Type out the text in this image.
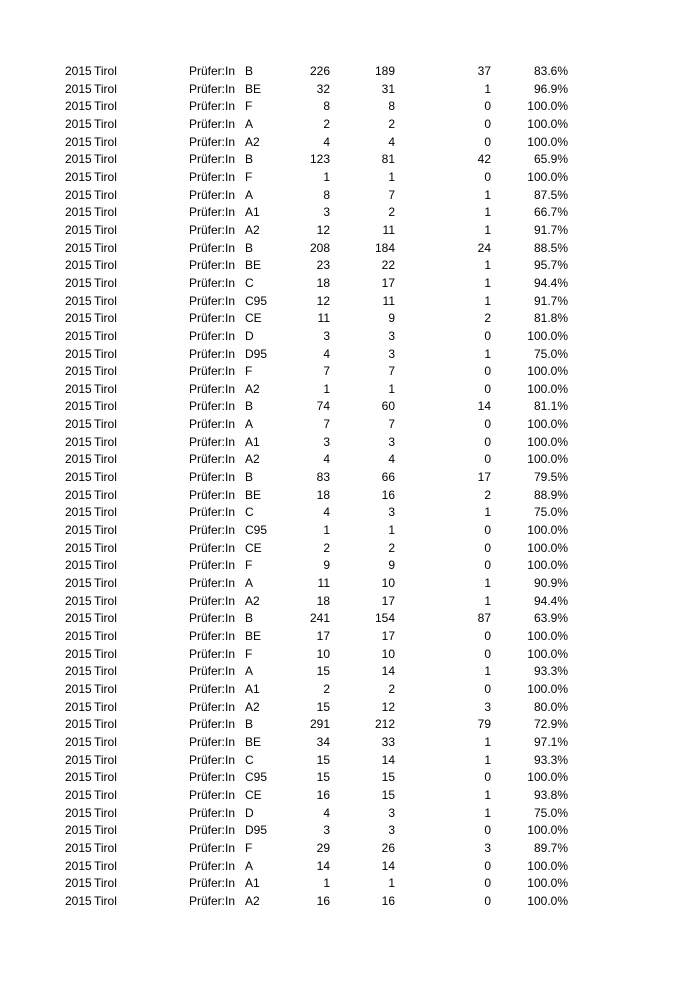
2015 Tirol	Prüfer:In B	226	189	37	83.6%
2015 Tirol	Prüfer:In BE	32	31	1	96.9%
2015 Tirol	Prüfer:In F	8	8	0	100.0%
2015 Tirol	Prüfer:In A	2	2	0	100.0%
2015 Tirol	Prüfer:In A2	4	4	0	100.0%
2015 Tirol	Prüfer:In B	123	81	42	65.9%
2015 Tirol	Prüfer:In F	1	1	0	100.0%
2015 Tirol	Prüfer:In A	8	7	1	87.5%
2015 Tirol	Prüfer:In A1	3	2	1	66.7%
2015 Tirol	Prüfer:In A2	12	11	1	91.7%
2015 Tirol	Prüfer:In B	208	184	24	88.5%
2015 Tirol	Prüfer:In BE	23	22	1	95.7%
2015 Tirol	Prüfer:In C	18	17	1	94.4%
2015 Tirol	Prüfer:In C95	12	11	1	91.7%
2015 Tirol	Prüfer:In CE	11	9	2	81.8%
2015 Tirol	Prüfer:In D	3	3	0	100.0%
2015 Tirol	Prüfer:In D95	4	3	1	75.0%
2015 Tirol	Prüfer:In F	7	7	0	100.0%
2015 Tirol	Prüfer:In A2	1	1	0	100.0%
2015 Tirol	Prüfer:In B	74	60	14	81.1%
2015 Tirol	Prüfer:In A	7	7	0	100.0%
2015 Tirol	Prüfer:In A1	3	3	0	100.0%
2015 Tirol	Prüfer:In A2	4	4	0	100.0%
2015 Tirol	Prüfer:In B	83	66	17	79.5%
2015 Tirol	Prüfer:In BE	18	16	2	88.9%
2015 Tirol	Prüfer:In C	4	3	1	75.0%
2015 Tirol	Prüfer:In C95	1	1	0	100.0%
2015 Tirol	Prüfer:In CE	2	2	0	100.0%
2015 Tirol	Prüfer:In F	9	9	0	100.0%
2015 Tirol	Prüfer:In A	11	10	1	90.9%
2015 Tirol	Prüfer:In A2	18	17	1	94.4%
2015 Tirol	Prüfer:In B	241	154	87	63.9%
2015 Tirol	Prüfer:In BE	17	17	0	100.0%
2015 Tirol	Prüfer:In F	10	10	0	100.0%
2015 Tirol	Prüfer:In A	15	14	1	93.3%
2015 Tirol	Prüfer:In A1	2	2	0	100.0%
2015 Tirol	Prüfer:In A2	15	12	3	80.0%
2015 Tirol	Prüfer:In B	291	212	79	72.9%
2015 Tirol	Prüfer:In BE	34	33	1	97.1%
2015 Tirol	Prüfer:In C	15	14	1	93.3%
2015 Tirol	Prüfer:In C95	15	15	0	100.0%
2015 Tirol	Prüfer:In CE	16	15	1	93.8%
2015 Tirol	Prüfer:In D	4	3	1	75.0%
2015 Tirol	Prüfer:In D95	3	3	0	100.0%
2015 Tirol	Prüfer:In F	29	26	3	89.7%
2015 Tirol	Prüfer:In A	14	14	0	100.0%
2015 Tirol	Prüfer:In A1	1	1	0	100.0%
2015 Tirol	Prüfer:In A2	16	16	0	100.0%
